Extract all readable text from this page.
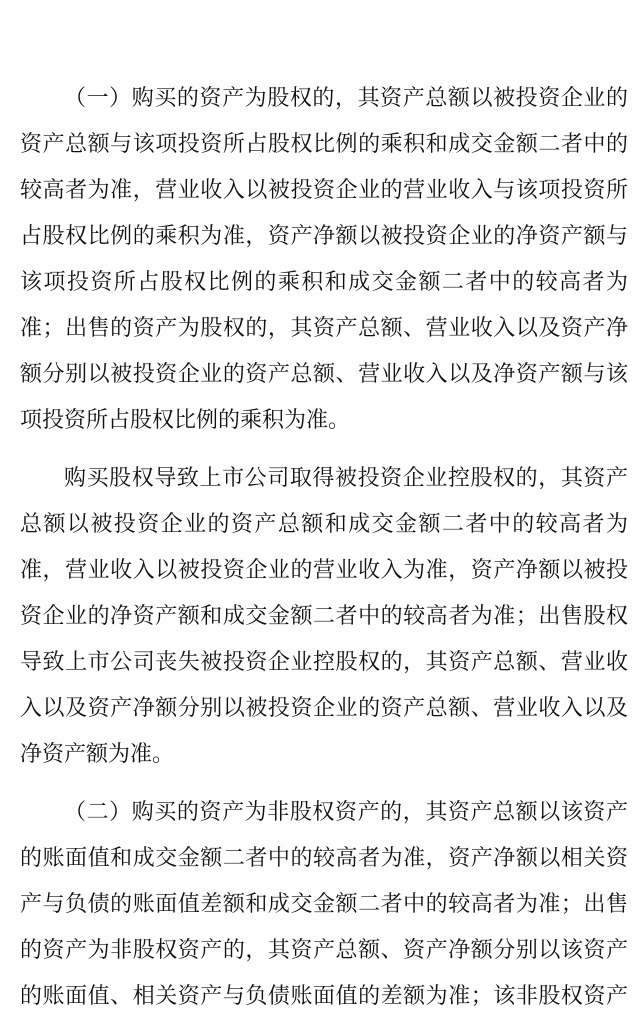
（一）购买的资产为股权的，其资产总额以被投资企业的
资产总额与该项投资所占股权比例的乘积和成交金额二者中的
较高者为准，营业收入以被投资企业的营业收入与该项投资所
占股权比例的乘积为准，资产净额以被投资企业的净资产额与
该项投资所占股权比例的乘积和成交金额二者中的较高者为
准；出售的资产为股权的，其资产总额、营业收入以及资产净
额分别以被投资企业的资产总额、营业收入以及净资产额与该
项投资所占股权比例的乘积为准。
购买股权导致上市公司取得被投资企业控股权的，其资产
总额以被投资企业的资产总额和成交金额二者中的较高者为
准，营业收入以被投资企业的营业收入为准，资产净额以被投
资企业的净资产额和成交金额二者中的较高者为准；出售股权
导致上市公司丧失被投资企业控股权的，其资产总额、营业收
入以及资产净额分别以被投资企业的资产总额、营业收入以及
净资产额为准。
（二）购买的资产为非股权资产的，其资产总额以该资产
的账面值和成交金额二者中的较高者为准，资产净额以相关资
产与负债的账面值差额和成交金额二者中的较高者为准；出售
的资产为非股权资产的，其资产总额、资产净额分别以该资产
的账面值、相关资产与负债账面值的差额为准；该非股权资产
